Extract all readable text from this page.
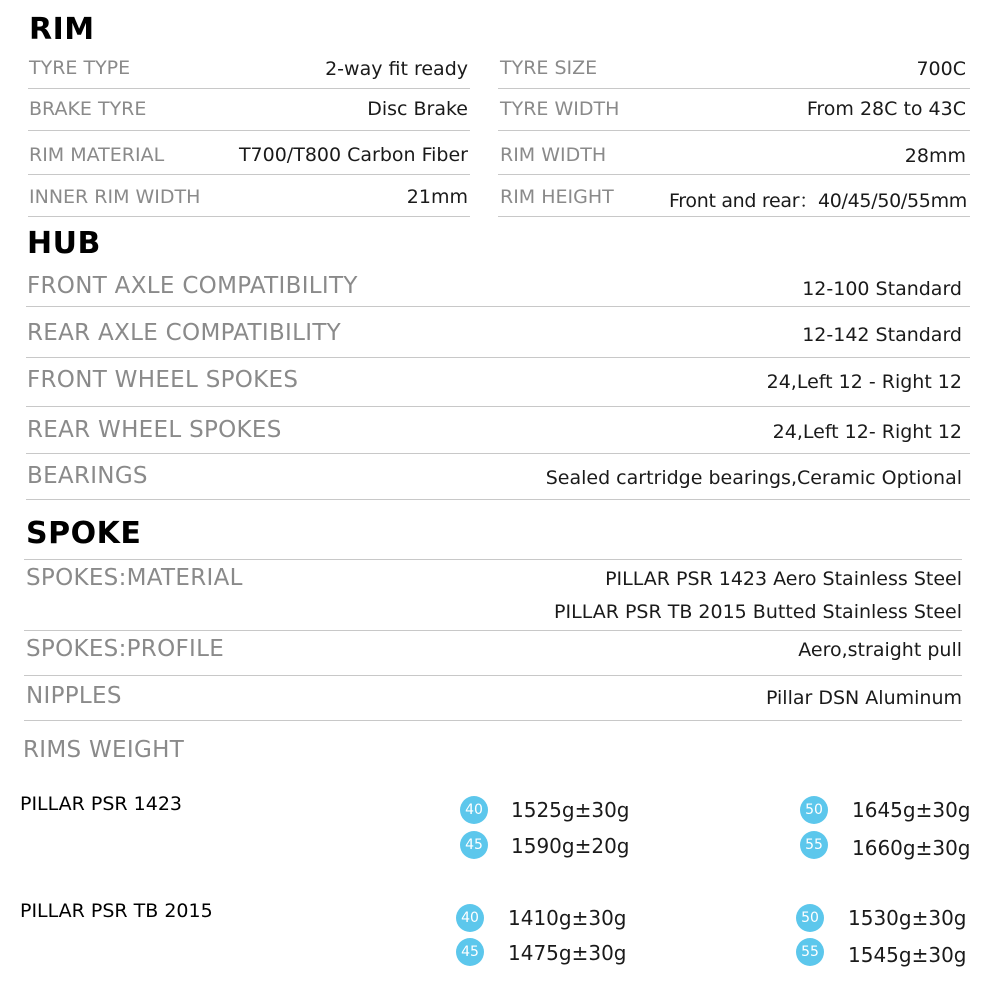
RIM
TYRE TYPE	2-way fit ready TYRE SIZE	700C
BRAKE TYRE	Disc Brake TYRE WIDTH	From 28C to 43C
RIM MATERIAL	T700/T800 Carbon Fiber RIM WIDTH	28mm
INNER RIM WIDTH	21mm RIM HEIGHT	Front and rear：40/45/50/55mm
HUB
FRONT AXLE COMPATIBILITY	12-100 Standard
REAR AXLE COMPATIBILITY	12-142 Standard
FRONT WHEEL SPOKES	24,Left 12 - Right 12
REAR WHEEL SPOKES	24,Left 12- Right 12
BEARINGS	Sealed cartridge bearings,Ceramic Optional
SPOKE
SPOKES:MATERIAL	PILLAR PSR 1423 Aero Stainless Steel
PILLAR PSR TB 2015 Butted Stainless Steel
SPOKES:PROFILE	Aero,straight pull
NIPPLES	Pillar DSN Aluminum
RIMS WEIGHT
PILLAR PSR 1423	40 1525g±30g	50 1645g±30g
45 1590g±20g	55 1660g±30g
PILLAR PSR TB 2015	40 1410g±30g	50 1530g±30g
45 1475g±30g	55 1545g±30g
